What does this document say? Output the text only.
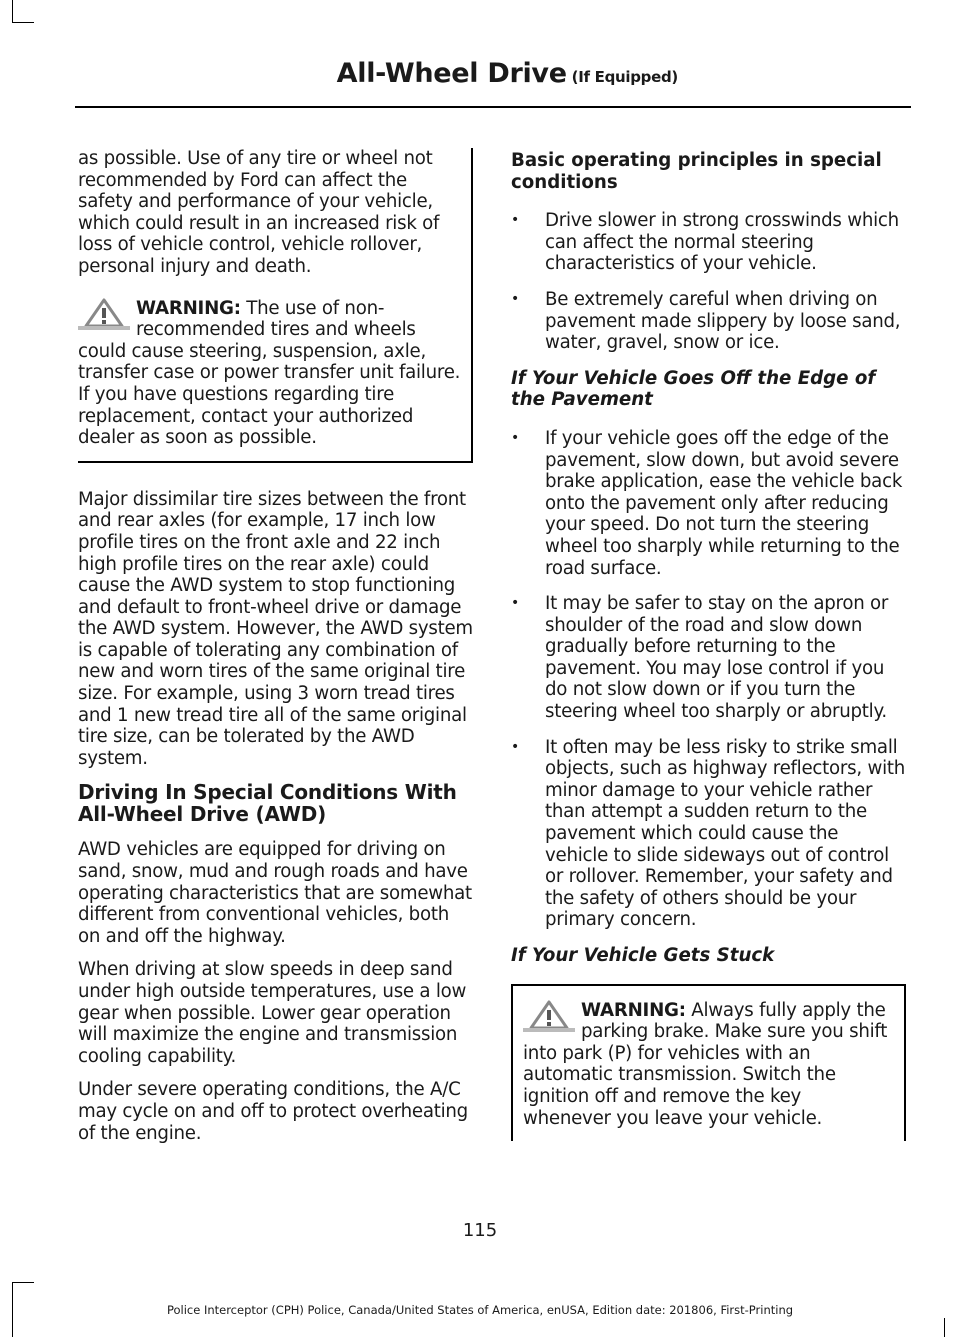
All-Wheel Drive (If Equipped)

as possible. Use of any tire or wheel not recommended by Ford can affect the safety and performance of your vehicle, which could result in an increased risk of loss of vehicle control, vehicle rollover, personal injury and death.

WARNING: The use of non-recommended tires and wheels could cause steering, suspension, axle, transfer case or power transfer unit failure. If you have questions regarding tire replacement, contact your authorized dealer as soon as possible.

Major dissimilar tire sizes between the front and rear axles (for example, 17 inch low profile tires on the front axle and 22 inch high profile tires on the rear axle) could cause the AWD system to stop functioning and default to front-wheel drive or damage the AWD system. However, the AWD system is capable of tolerating any combination of new and worn tires of the same original tire size. For example, using 3 worn tread tires and 1 new tread tire all of the same original tire size, can be tolerated by the AWD system.

Driving In Special Conditions With All-Wheel Drive (AWD)

AWD vehicles are equipped for driving on sand, snow, mud and rough roads and have operating characteristics that are somewhat different from conventional vehicles, both on and off the highway.

When driving at slow speeds in deep sand under high outside temperatures, use a low gear when possible. Lower gear operation will maximize the engine and transmission cooling capability.

Under severe operating conditions, the A/C may cycle on and off to protect overheating of the engine.

Basic operating principles in special conditions
• Drive slower in strong crosswinds which can affect the normal steering characteristics of your vehicle.
• Be extremely careful when driving on pavement made slippery by loose sand, water, gravel, snow or ice.
If Your Vehicle Goes Off the Edge of the Pavement
• If your vehicle goes off the edge of the pavement, slow down, but avoid severe brake application, ease the vehicle back onto the pavement only after reducing your speed. Do not turn the steering wheel too sharply while returning to the road surface.
• It may be safer to stay on the apron or shoulder of the road and slow down gradually before returning to the pavement. You may lose control if you do not slow down or if you turn the steering wheel too sharply or abruptly.
• It often may be less risky to strike small objects, such as highway reflectors, with minor damage to your vehicle rather than attempt a sudden return to the pavement which could cause the vehicle to slide sideways out of control or rollover. Remember, your safety and the safety of others should be your primary concern.
If Your Vehicle Gets Stuck

WARNING: Always fully apply the parking brake. Make sure you shift into park (P) for vehicles with an automatic transmission. Switch the ignition off and remove the key whenever you leave your vehicle.

115
Police Interceptor (CPH) Police, Canada/United States of America, enUSA, Edition date: 201806, First-Printing
